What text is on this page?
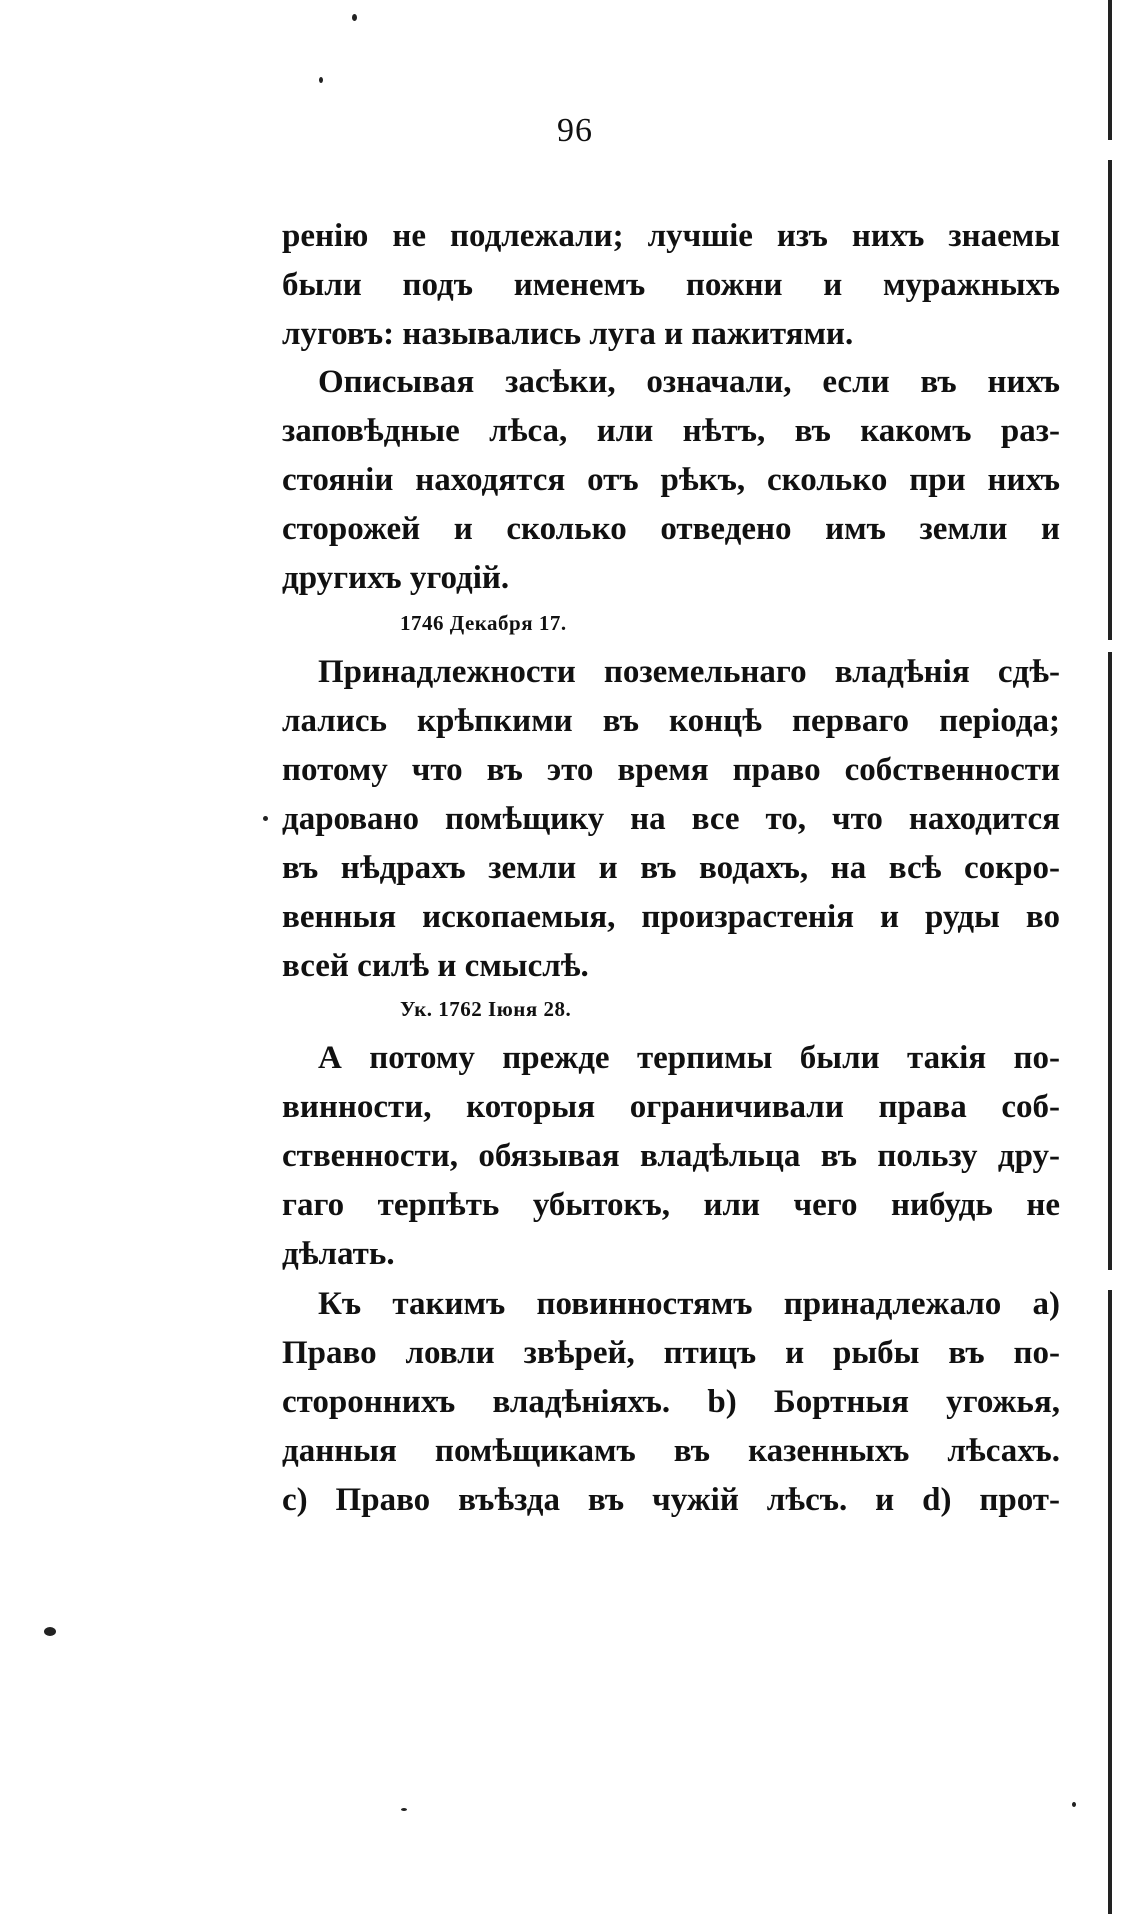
96
ренію не подлежали; лучшіе изъ нихъ знаемы
были подъ именемъ пожни и муражныхъ
луговъ: назывались луга и пажитями.
Описывая засѣки, означали, если въ нихъ
заповѣдные лѣса, или нѣтъ, въ какомъ раз-
стояніи находятся отъ рѣкъ, сколько при нихъ
сторожей и сколько отведено имъ земли и
другихъ угодій.
1746 Декабря 17.
Принадлежности поземельнаго владѣнія сдѣ-
лались крѣпкими въ концѣ перваго періода;
потому что въ это время право собственности
даровано помѣщику на все то, что находится
въ нѣдрахъ земли и въ водахъ, на всѣ сокро-
венныя ископаемыя, произрастенія и руды во
всей силѣ и смыслѣ.
Ук. 1762 Іюня 28.
А потому прежде терпимы были такія по-
винности, которыя ограничивали права соб-
ственности, обязывая владѣльца въ пользу дру-
гаго терпѣть убытокъ, или чего нибудь не
дѣлать.
Къ такимъ повинностямъ принадлежало a)
Право ловли звѣрей, птицъ и рыбы въ по-
стороннихъ владѣніяхъ. b) Бортныя угожья,
данныя помѣщикамъ въ казенныхъ лѣсахъ.
c) Право въѣзда въ чужій лѣсъ. и d) прот-
